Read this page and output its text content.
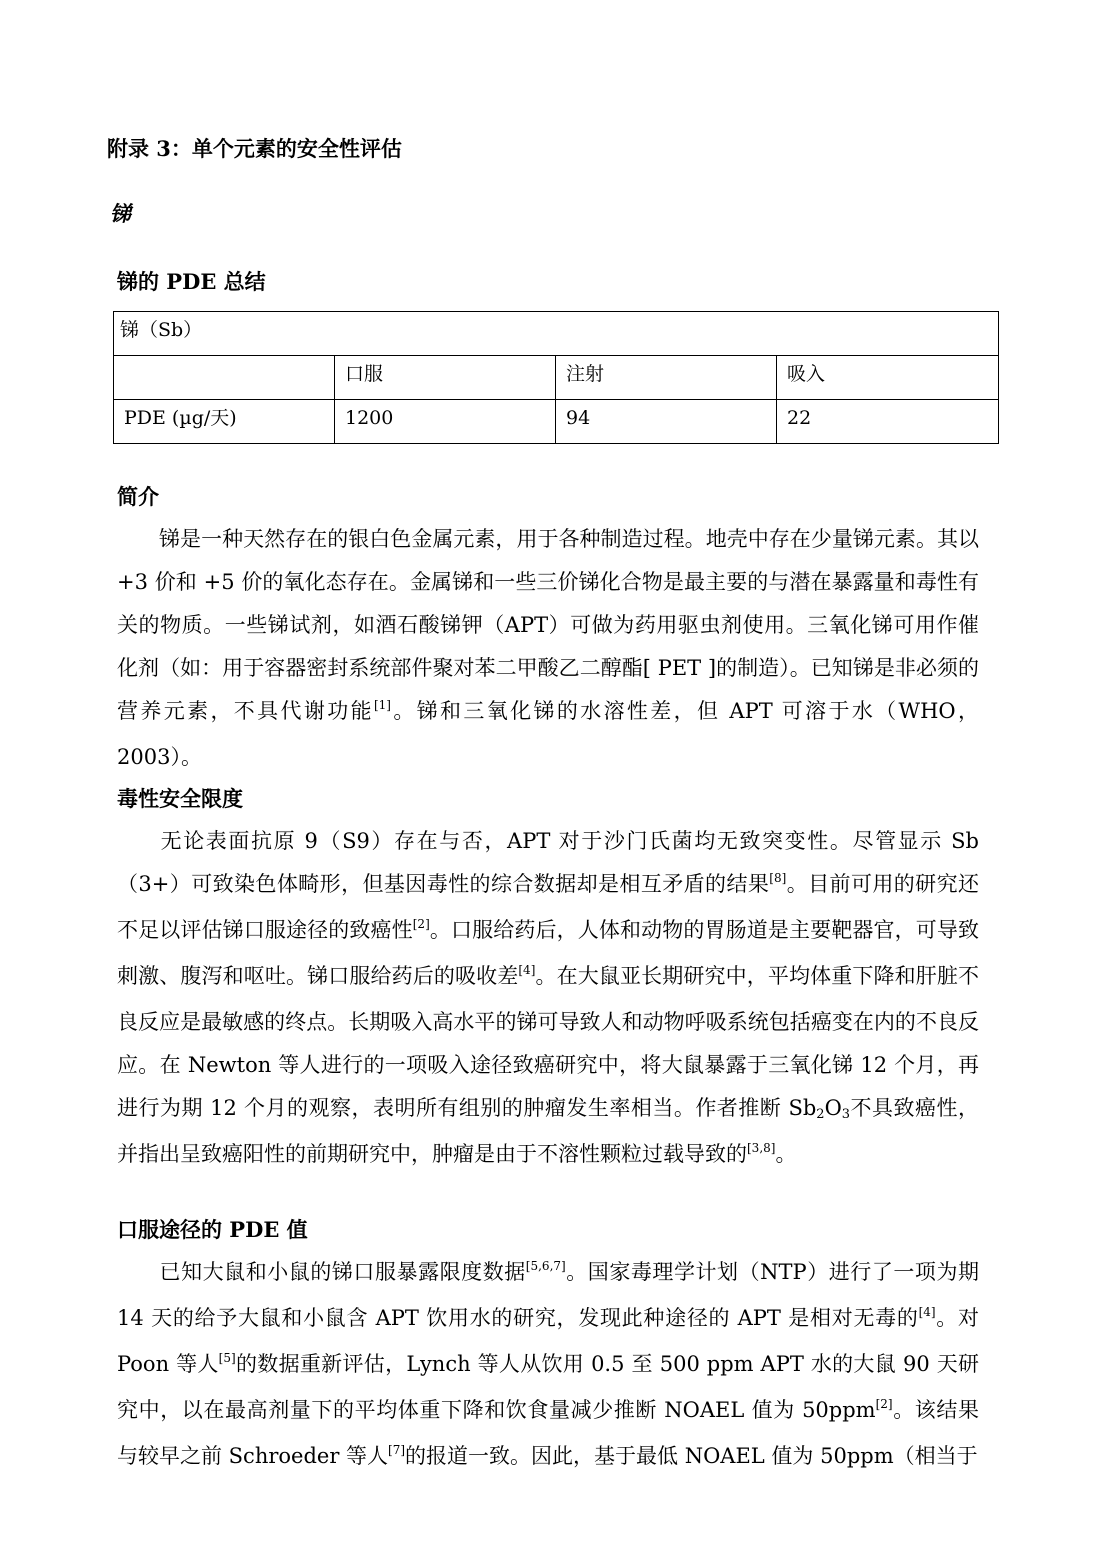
附录 3：单个元素的安全性评估
锑
锑的 PDE 总结
锑（Sb）			
	口服	注射	吸入
PDE (µg/天)	1200	94	22
简介

锑是一种天然存在的银白色金属元素，用于各种制造过程。地壳中存在少量锑元素。其以+3 价和 +5 价的氧化态存在。金属锑和一些三价锑化合物是最主要的与潜在暴露量和毒性有关的物质。一些锑试剂，如酒石酸锑钾（APT）可做为药用驱虫剂使用。三氧化锑可用作催化剂（如：用于容器密封系统部件聚对苯二甲酸乙二醇酯[ PET ]的制造）。已知锑是非必须的营养元素，不具代谢功能[1]。锑和三氧化锑的水溶性差，但 APT 可溶于水（WHO，2003）。

毒性安全限度

无论表面抗原 9（S9）存在与否，APT 对于沙门氏菌均无致突变性。尽管显示 Sb（3+）可致染色体畸形，但基因毒性的综合数据却是相互矛盾的结果[8]。目前可用的研究还不足以评估锑口服途径的致癌性[2]。口服给药后，人体和动物的胃肠道是主要靶器官，可导致刺激、腹泻和呕吐。锑口服给药后的吸收差[4]。在大鼠亚长期研究中，平均体重下降和肝脏不良反应是最敏感的终点。长期吸入高水平的锑可导致人和动物呼吸系统包括癌变在内的不良反应。在 Newton 等人进行的一项吸入途径致癌研究中，将大鼠暴露于三氧化锑 12 个月，再进行为期 12 个月的观察，表明所有组别的肿瘤发生率相当。作者推断 $Sb_2O_3$不具致癌性，并指出呈致癌阳性的前期研究中，肿瘤是由于不溶性颗粒过载导致的[3,8]。

口服途径的 PDE 值

已知大鼠和小鼠的锑口服暴露限度数据[5,6,7]。国家毒理学计划（NTP）进行了一项为期 14 天的给予大鼠和小鼠含 APT 饮用水的研究，发现此种途径的 APT 是相对无毒的[4]。对 Poon 等人[5]的数据重新评估，Lynch 等人从饮用 0.5 至 500 ppm APT 水的大鼠 90 天研究中，以在最高剂量下的平均体重下降和饮食量减少推断 NOAEL 值为 50ppm[2]。该结果与较早之前 Schroeder 等人[7]的报道一致。因此，基于最低 NOAEL 值为 50ppm（相当于
